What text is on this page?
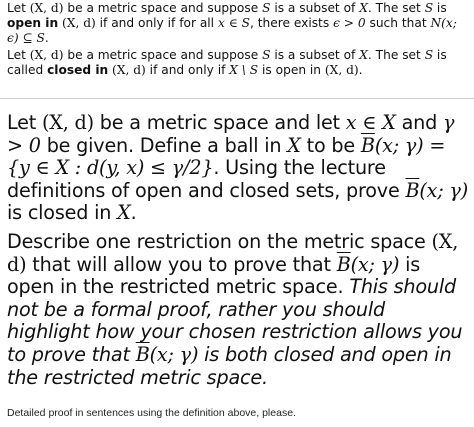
Let (X, d) be a metric space and suppose S is a subset of X. The set S is open in (X, d) if and only if for all x ∈ S, there exists ϵ > 0 such that N(x; ϵ) ⊆ S.

Let (X, d) be a metric space and suppose S is a subset of X. The set S is called closed in (X, d) if and only if X \ S is open in (X, d).

Let (X, d) be a metric space and let x ∈ X and γ > 0 be given. Define a ball in X to be $\overline{B}(x$; γ) = {y ∈ X : d(y, x) ≤ γ/2}. Using the lecture definitions of open and closed sets, prove $\overline{B}(x$; γ) is closed in X.

Describe one restriction on the metric space (X, d) that will allow you to prove that $\overline{B}(x$; γ) is open in the restricted metric space. This should not be a formal proof, rather you should highlight how your chosen restriction allows you to prove that $\overline{B}(x$; γ) is both closed and open in the restricted metric space.

Detailed proof in sentences using the definition above, please.
